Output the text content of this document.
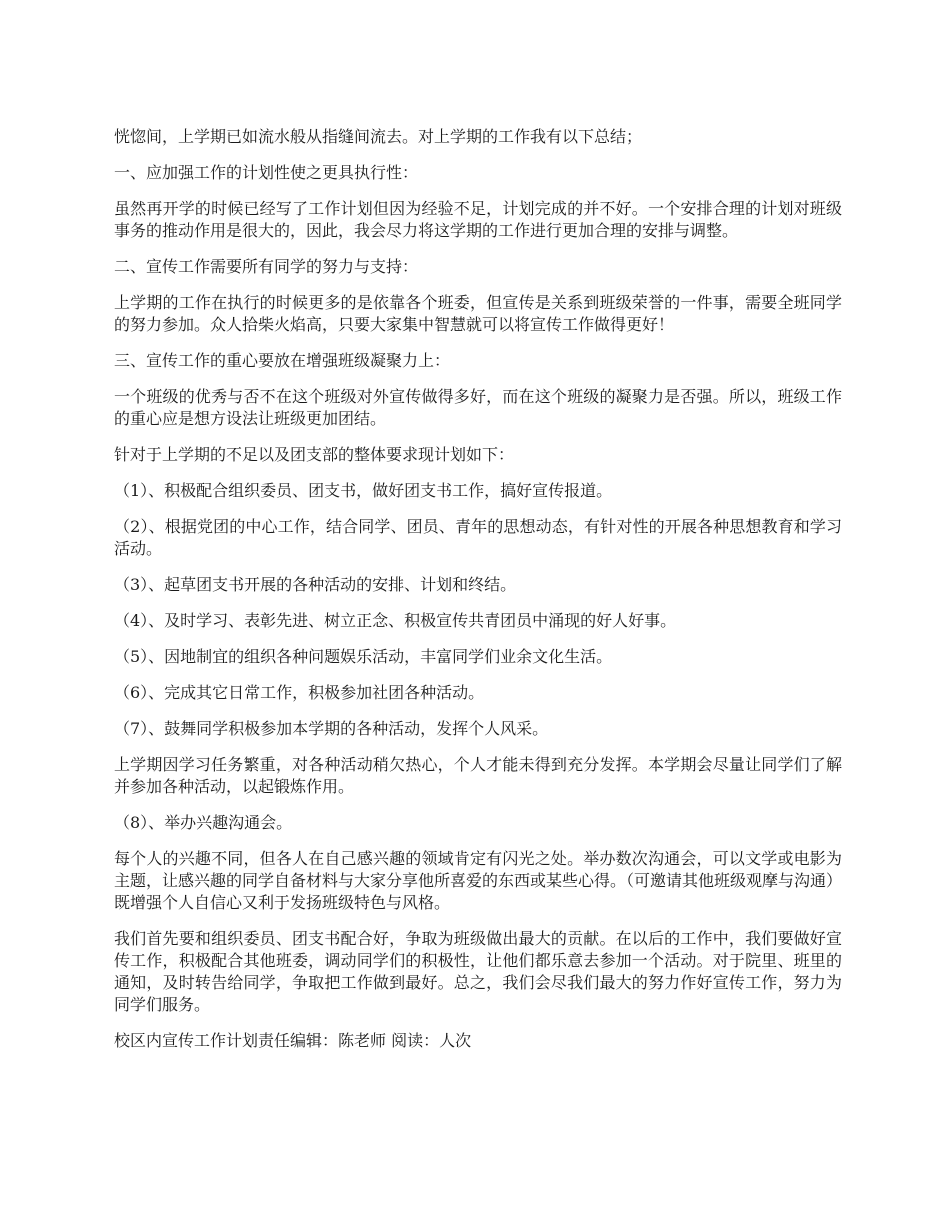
恍惚间，上学期已如流水般从指缝间流去。对上学期的工作我有以下总结；

一、应加强工作的计划性使之更具执行性：

虽然再开学的时候已经写了工作计划但因为经验不足，计划完成的并不好。一个安排合理的计划对班级事务的推动作用是很大的，因此，我会尽力将这学期的工作进行更加合理的安排与调整。

二、宣传工作需要所有同学的努力与支持：

上学期的工作在执行的时候更多的是依靠各个班委，但宣传是关系到班级荣誉的一件事，需要全班同学的努力参加。众人拾柴火焰高，只要大家集中智慧就可以将宣传工作做得更好！

三、宣传工作的重心要放在增强班级凝聚力上：

一个班级的优秀与否不在这个班级对外宣传做得多好，而在这个班级的凝聚力是否强。所以，班级工作的重心应是想方设法让班级更加团结。

针对于上学期的不足以及团支部的整体要求现计划如下：

（1）、积极配合组织委员、团支书，做好团支书工作，搞好宣传报道。

（2）、根据党团的中心工作，结合同学、团员、青年的思想动态，有针对性的开展各种思想教育和学习活动。

（3）、起草团支书开展的各种活动的安排、计划和终结。

（4）、及时学习、表彰先进、树立正念、积极宣传共青团员中涌现的好人好事。

（5）、因地制宜的组织各种问题娱乐活动，丰富同学们业余文化生活。

（6）、完成其它日常工作，积极参加社团各种活动。

（7）、鼓舞同学积极参加本学期的各种活动，发挥个人风采。

上学期因学习任务繁重，对各种活动稍欠热心，个人才能未得到充分发挥。本学期会尽量让同学们了解并参加各种活动，以起锻炼作用。

（8）、举办兴趣沟通会。

每个人的兴趣不同，但各人在自己感兴趣的领域肯定有闪光之处。举办数次沟通会，可以文学或电影为主题，让感兴趣的同学自备材料与大家分享他所喜爱的东西或某些心得。（可邀请其他班级观摩与沟通）既增强个人自信心又利于发扬班级特色与风格。

我们首先要和组织委员、团支书配合好，争取为班级做出最大的贡献。在以后的工作中，我们要做好宣传工作，积极配合其他班委，调动同学们的积极性，让他们都乐意去参加一个活动。对于院里、班里的通知，及时转告给同学，争取把工作做到最好。总之，我们会尽我们最大的努力作好宣传工作，努力为同学们服务。

校区内宣传工作计划责任编辑：陈老师 阅读：人次
